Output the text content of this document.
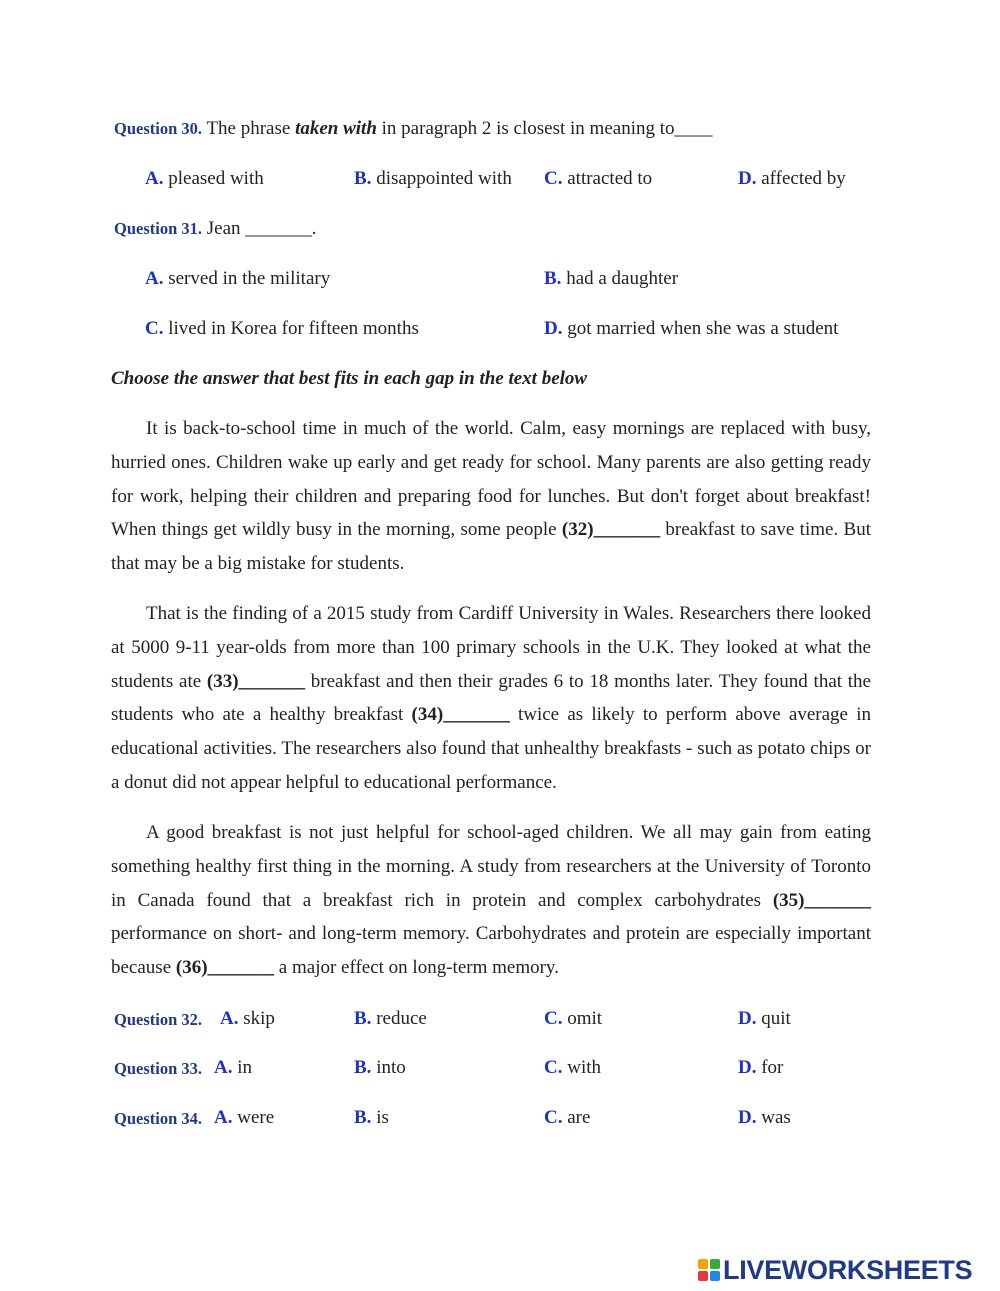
Question 30. The phrase taken with in paragraph 2 is closest in meaning to____
A. pleased with	B. disappointed with C. attracted to	D. affected by
Question 31. Jean _______.
A. served in the military	B. had a daughter
C. lived in Korea for fifteen months	D. got married when she was a student
Choose the answer that best fits in each gap in the text below
It is back-to-school time in much of the world. Calm, easy mornings are replaced with busy, hurried ones. Children wake up early and get ready for school. Many parents are also getting ready for work, helping their children and preparing food for lunches. But don't forget about breakfast! When things get wildly busy in the morning, some people (32)_______ breakfast to save time. But that may be a big mistake for students.
That is the finding of a 2015 study from Cardiff University in Wales. Researchers there looked at 5000 9-11 year-olds from more than 100 primary schools in the U.K. They looked at what the students ate (33)_______ breakfast and then their grades 6 to 18 months later. They found that the students who ate a healthy breakfast (34)_______ twice as likely to perform above average in educational activities. The researchers also found that unhealthy breakfasts - such as potato chips or a donut did not appear helpful to educational performance.
A good breakfast is not just helpful for school-aged children. We all may gain from eating something healthy first thing in the morning. A study from researchers at the University of Toronto in Canada found that a breakfast rich in protein and complex carbohydrates (35)_______ performance on short- and long-term memory. Carbohydrates and protein are especially important because (36)_______ a major effect on long-term memory.
Question 32. A. skip	B. reduce	C. omit	D. quit
Question 33. A. in	B. into	C. with	D. for
Question 34. A. were	B. is	C. are	D. was
LIVEWORKSHEETS
